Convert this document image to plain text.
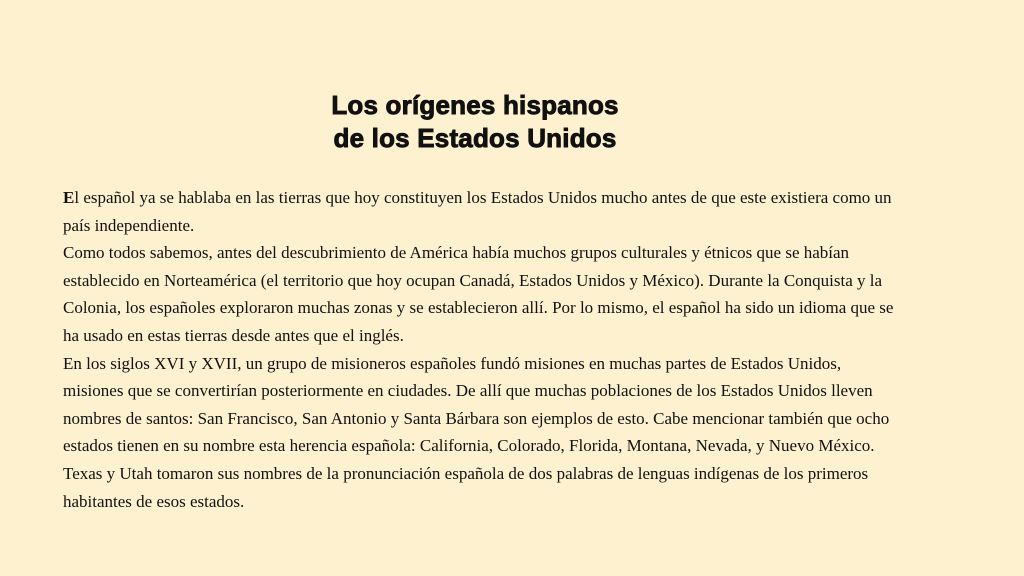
Los orígenes hispanos
de los Estados Unidos

El español ya se hablaba en las tierras que hoy constituyen los Estados Unidos mucho antes de que este existiera como un país independiente.

Como todos sabemos, antes del descubrimiento de América había muchos grupos culturales y étnicos que se habían establecido en Norteamérica (el territorio que hoy ocupan Canadá, Estados Unidos y México). Durante la Conquista y la Colonia, los españoles exploraron muchas zonas y se establecieron allí. Por lo mismo, el español ha sido un idioma que se ha usado en estas tierras desde antes que el inglés.

En los siglos XVI y XVII, un grupo de misioneros españoles fundó misiones en muchas partes de Estados Unidos, misiones que se convertirían posteriormente en ciudades. De allí que muchas poblaciones de los Estados Unidos lleven nombres de santos: San Francisco, San Antonio y Santa Bárbara son ejemplos de esto. Cabe mencionar también que ocho estados tienen en su nombre esta herencia española: California, Colorado, Florida, Montana, Nevada, y Nuevo México. Texas y Utah tomaron sus nombres de la pronunciación española de dos palabras de lenguas indígenas de los primeros habitantes de esos estados.
